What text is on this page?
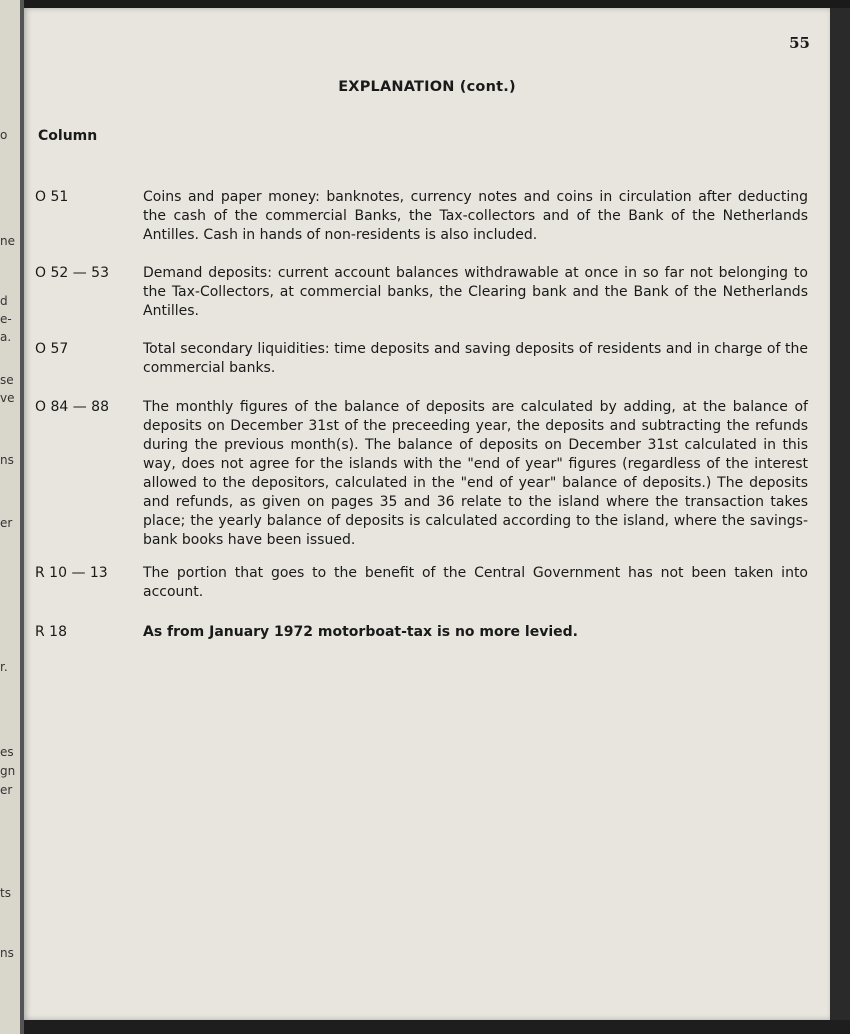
o
ne
d
e-
a.
se
ve
ns
er
r.
es
gn
er
ts
ns
55
EXPLANATION (cont.)
Column
O 51	Coins and paper money: banknotes, currency notes and coins in circulation after deducting the cash of the commercial Banks, the Tax-collectors and of the Bank of the Netherlands Antilles. Cash in hands of non-residents is also included.
O 52 — 53 Demand deposits: current account balances withdrawable at once in so far not belonging to the Tax-Collectors, at commercial banks, the Clearing bank and the Bank of the Netherlands Antilles.
O 57	Total secondary liquidities: time deposits and saving deposits of residents and in charge of the commercial banks.
O 84 — 88 The monthly figures of the balance of deposits are calculated by adding, at the balance of deposits on December 31st of the preceeding year, the deposits and subtracting the refunds during the previous month(s). The balance of deposits on December 31st calculated in this way, does not agree for the islands with the "end of year" figures (regardless of the interest allowed to the depositors, calculated in the "end of year" balance of deposits.) The deposits and refunds, as given on pages 35 and 36 relate to the island where the transaction takes place; the yearly balance of deposits is calculated according to the island, where the savings-bank books have been issued.
R 10 — 13	The portion that goes to the benefit of the Central Government has not been taken into account.
R 18	As from January 1972 motorboat-tax is no more levied.
